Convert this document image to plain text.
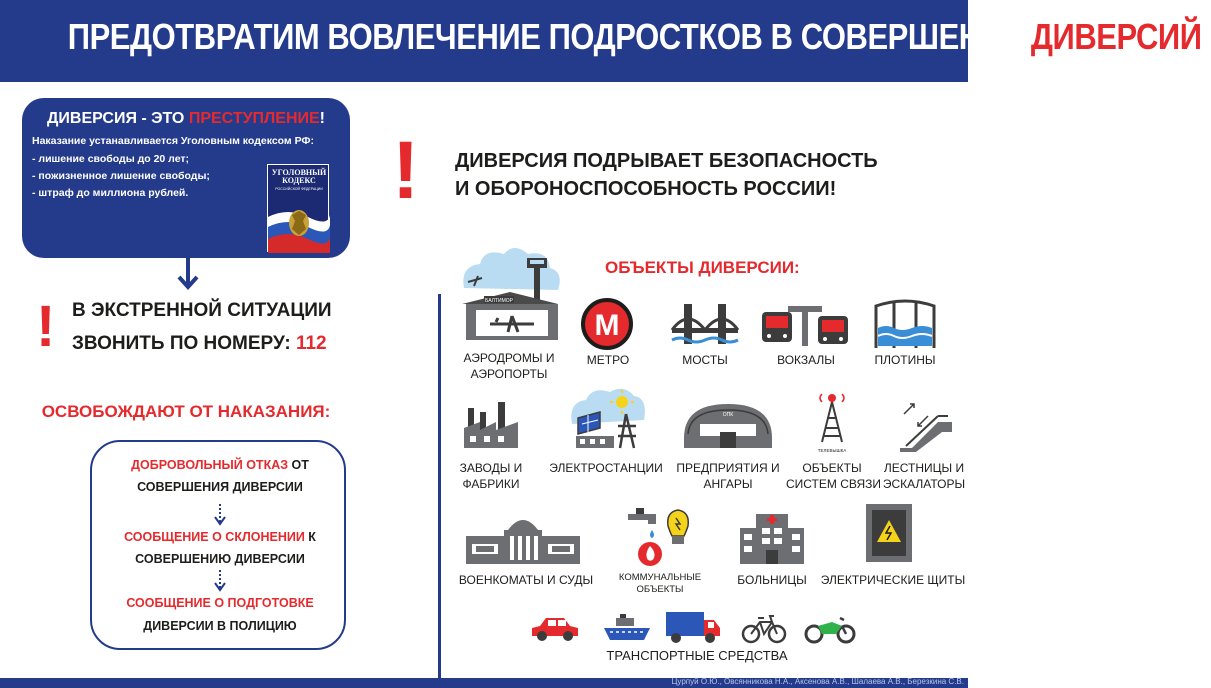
ПРЕДОТВРАТИМ ВОВЛЕЧЕНИЕ ПОДРОСТКОВ В СОВЕРШЕНИЕ ДИВЕРСИЙ!
ДИВЕРСИЯ - ЭТО ПРЕСТУПЛЕНИЕ!
Наказание устанавливается Уголовным кодексом РФ:
- лишение свободы до 20 лет;
- пожизненное лишение свободы;
- штраф до миллиона рублей.
УГОЛОВНЫЙ КОДЕКС
РОССИЙСКОЙ ФЕДЕРАЦИИ
! В ЭКСТРЕННОЙ СИТУАЦИИ
ЗВОНИТЬ ПО НОМЕРУ: 112
ОСВОБОЖДАЮТ ОТ НАКАЗАНИЯ:
ДОБРОВОЛЬНЫЙ ОТКАЗ ОТ
СОВЕРШЕНИЯ ДИВЕРСИИ
СООБЩЕНИЕ О СКЛОНЕНИИ К
СОВЕРШЕНИЮ ДИВЕРСИИ
СООБЩЕНИЕ О ПОДГОТОВКЕ
ДИВЕРСИИ В ПОЛИЦИЮ
! ДИВЕРСИЯ ПОДРЫВАЕТ БЕЗОПАСНОСТЬ
И ОБОРОНОСПОСОБНОСТЬ РОССИИ!
ОБЪЕКТЫ ДИВЕРСИИ:
БАЛТИМОР
АЭРОДРОМЫ И
АЭРОПОРТЫ
M
МЕТРО	МОСТЫ	ВОКЗАЛЫ	ПЛОТИНЫ
ЗАВОДЫ И
ФАБРИКИ
ЭЛЕКТРОСТАНЦИИ
ОПК
ПРЕДПРИЯТИЯ И
АНГАРЫ
ТЕЛЕВЫШКА
ОБЪЕКТЫ
СИСТЕМ СВЯЗИ
ЛЕСТНИЦЫ И
ЭСКАЛАТОРЫ
ВОЕНКОМАТЫ И СУДЫ	КОММУНАЛЬНЫЕ
ОБЪЕКТЫ
БОЛЬНИЦЫ	ЭЛЕКТРИЧЕСКИЕ ЩИТЫ
ТРАНСПОРТНЫЕ СРЕДСТВА
Цурпуй О.Ю., Овсянникова Н.А., Аксенова А.В., Шалаева А.В., Березкина С.В.
